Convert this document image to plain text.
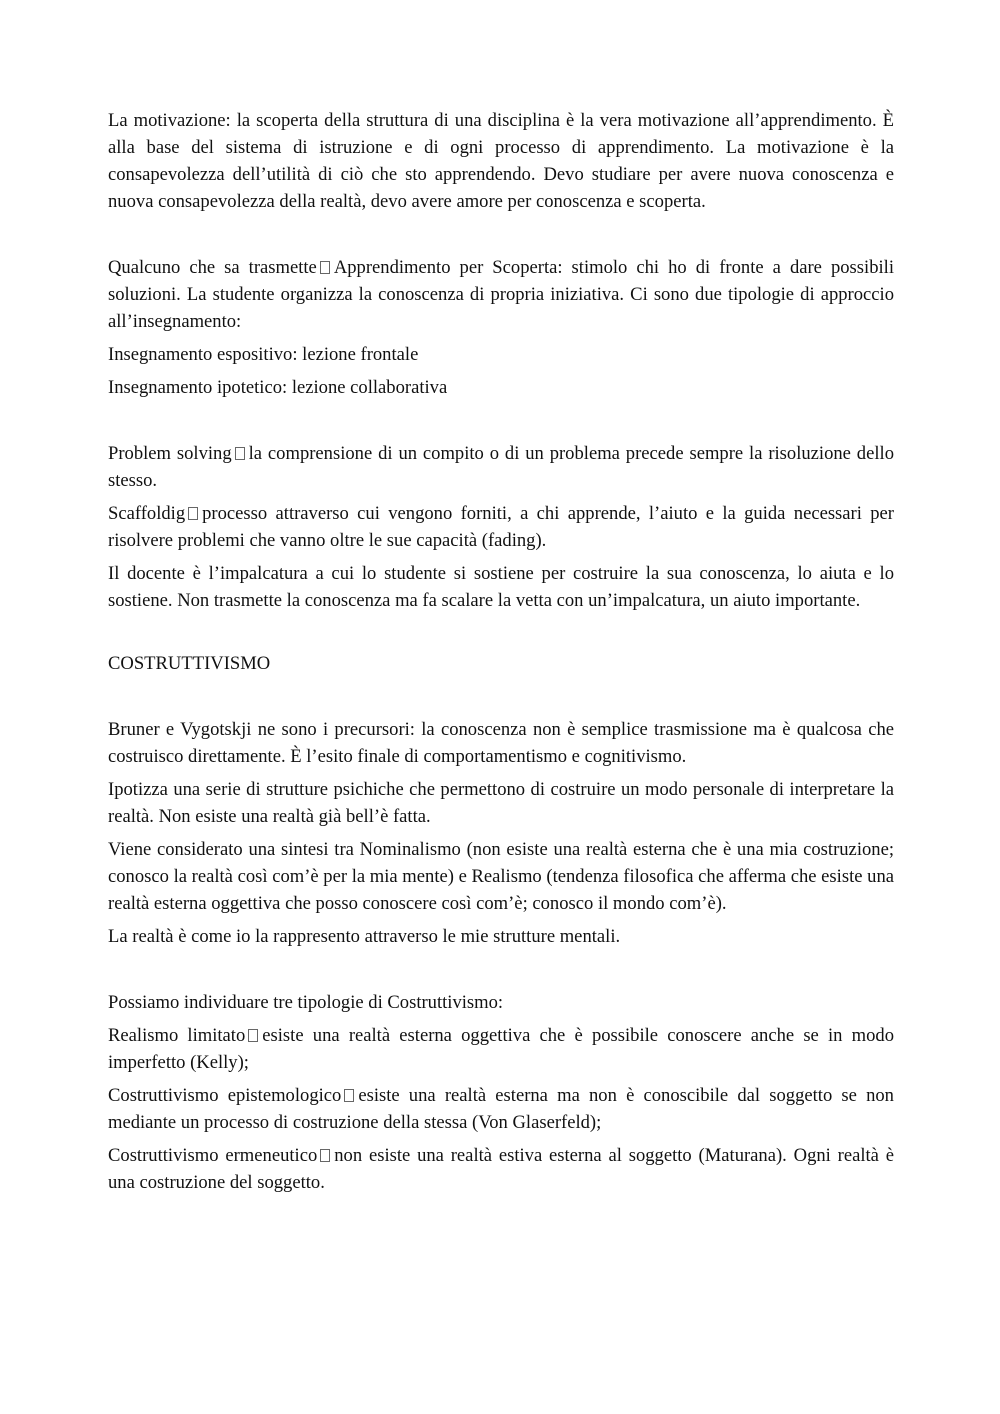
La motivazione: la scoperta della struttura di una disciplina è la vera motivazione all’apprendimento. È alla base del sistema di istruzione e di ogni processo di apprendimento. La motivazione è la consapevolezza dell’utilità di ciò che sto apprendendo. Devo studiare per avere nuova conoscenza e nuova consapevolezza della realtà, devo avere amore per conoscenza e scoperta.

Qualcuno che sa trasmette Apprendimento per Scoperta: stimolo chi ho di fronte a dare possibili soluzioni. La studente organizza la conoscenza di propria iniziativa. Ci sono due tipologie di approccio all’insegnamento:

Insegnamento espositivo: lezione frontale

Insegnamento ipotetico: lezione collaborativa

Problem solving la comprensione di un compito o di un problema precede sempre la risoluzione dello stesso.

Scaffoldig processo attraverso cui vengono forniti, a chi apprende, l’aiuto e la guida necessari per risolvere problemi che vanno oltre le sue capacità (fading).

Il docente è l’impalcatura a cui lo studente si sostiene per costruire la sua conoscenza, lo aiuta e lo sostiene. Non trasmette la conoscenza ma fa scalare la vetta con un’impalcatura, un aiuto importante.

COSTRUTTIVISMO

Bruner e Vygotskji ne sono i precursori: la conoscenza non è semplice trasmissione ma è qualcosa che costruisco direttamente. È l’esito finale di comportamentismo e cognitivismo.

Ipotizza una serie di strutture psichiche che permettono di costruire un modo personale di interpretare la realtà. Non esiste una realtà già bell’è fatta.

Viene considerato una sintesi tra Nominalismo (non esiste una realtà esterna che è una mia costruzione; conosco la realtà così com’è per la mia mente) e Realismo (tendenza filosofica che afferma che esiste una realtà esterna oggettiva che posso conoscere così com’è; conosco il mondo com’è).

La realtà è come io la rappresento attraverso le mie strutture mentali.

Possiamo individuare tre tipologie di Costruttivismo:

Realismo limitato esiste una realtà esterna oggettiva che è possibile conoscere anche se in modo imperfetto (Kelly);

Costruttivismo epistemologico esiste una realtà esterna ma non è conoscibile dal soggetto se non mediante un processo di costruzione della stessa (Von Glaserfeld);

Costruttivismo ermeneutico non esiste una realtà estiva esterna al soggetto (Maturana). Ogni realtà è una costruzione del soggetto.
